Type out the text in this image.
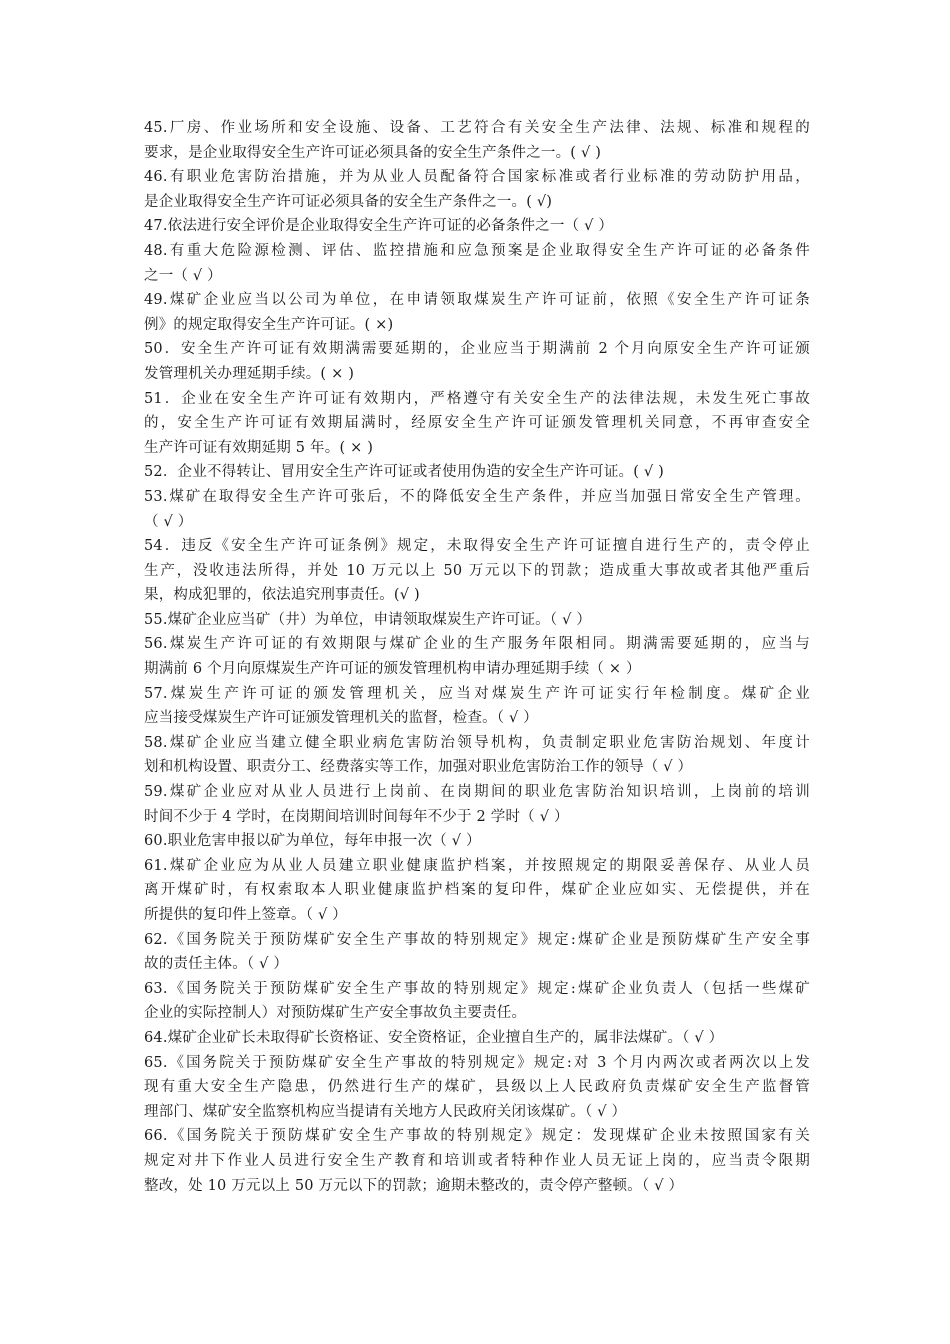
45.厂房、作业场所和安全设施、设备、工艺符合有关安全生产法律、法规、标准和规程的
要求，是企业取得安全生产许可证必须具备的安全生产条件之一。( √ )
46.有职业危害防治措施，并为从业人员配备符合国家标准或者行业标准的劳动防护用品，
是企业取得安全生产许可证必须具备的安全生产条件之一。( √)
47.依法进行安全评价是企业取得安全生产许可证的必备条件之一（ √ ）
48.有重大危险源检测、评估、监控措施和应急预案是企业取得安全生产许可证的必备条件
之一（ √ ）
49.煤矿企业应当以公司为单位，在申请领取煤炭生产许可证前，依照《安全生产许可证条
例》的规定取得安全生产许可证。( ×)
50．安全生产许可证有效期满需要延期的，企业应当于期满前 2 个月向原安全生产许可证颁
发管理机关办理延期手续。( × )
51．企业在安全生产许可证有效期内，严格遵守有关安全生产的法律法规，未发生死亡事故
的，安全生产许可证有效期届满时，经原安全生产许可证颁发管理机关同意，不再审查安全
生产许可证有效期延期 5 年。( × )
52．企业不得转让、冒用安全生产许可证或者使用伪造的安全生产许可证。( √ )
53.煤矿在取得安全生产许可张后，不的降低安全生产条件，并应当加强日常安全生产管理。
（ √ ）
54．违反《安全生产许可证条例》规定，未取得安全生产许可证擅自进行生产的，责令停止
生产，没收违法所得，并处 10 万元以上 50 万元以下的罚款；造成重大事故或者其他严重后
果，构成犯罪的，依法追究刑事责任。(√ )
55.煤矿企业应当矿（井）为单位，申请领取煤炭生产许可证。（ √ ）
56.煤炭生产许可证的有效期限与煤矿企业的生产服务年限相同。期满需要延期的，应当与
期满前 6 个月向原煤炭生产许可证的颁发管理机构申请办理延期手续（ × ）
57.煤炭生产许可证的颁发管理机关，应当对煤炭生产许可证实行年检制度。煤矿企业
应当接受煤炭生产许可证颁发管理机关的监督，检查。（ √ ）
58.煤矿企业应当建立健全职业病危害防治领导机构，负责制定职业危害防治规划、年度计
划和机构设置、职责分工、经费落实等工作，加强对职业危害防治工作的领导（ √ ）
59.煤矿企业应对从业人员进行上岗前、在岗期间的职业危害防治知识培训，上岗前的培训
时间不少于 4 学时，在岗期间培训时间每年不少于 2 学时（ √ ）
60.职业危害申报以矿为单位，每年申报一次（ √ ）
61.煤矿企业应为从业人员建立职业健康监护档案，并按照规定的期限妥善保存、从业人员
离开煤矿时，有权索取本人职业健康监护档案的复印件，煤矿企业应如实、无偿提供，并在
所提供的复印件上签章。（ √ ）
62.《国务院关于预防煤矿安全生产事故的特别规定》规定:煤矿企业是预防煤矿生产安全事
故的责任主体。（ √ ）
63.《国务院关于预防煤矿安全生产事故的特别规定》规定:煤矿企业负责人（包括一些煤矿
企业的实际控制人）对预防煤矿生产安全事故负主要责任。
64.煤矿企业矿长未取得矿长资格证、安全资格证，企业擅自生产的，属非法煤矿。（ √ ）
65.《国务院关于预防煤矿安全生产事故的特别规定》规定:对 3 个月内两次或者两次以上发
现有重大安全生产隐患，仍然进行生产的煤矿，县级以上人民政府负责煤矿安全生产监督管
理部门、煤矿安全监察机构应当提请有关地方人民政府关闭该煤矿。（ √ ）
66.《国务院关于预防煤矿安全生产事故的特别规定》规定：发现煤矿企业未按照国家有关
规定对井下作业人员进行安全生产教育和培训或者特种作业人员无证上岗的，应当责令限期
整改，处 10 万元以上 50 万元以下的罚款；逾期未整改的，责令停产整顿。（ √ ）
